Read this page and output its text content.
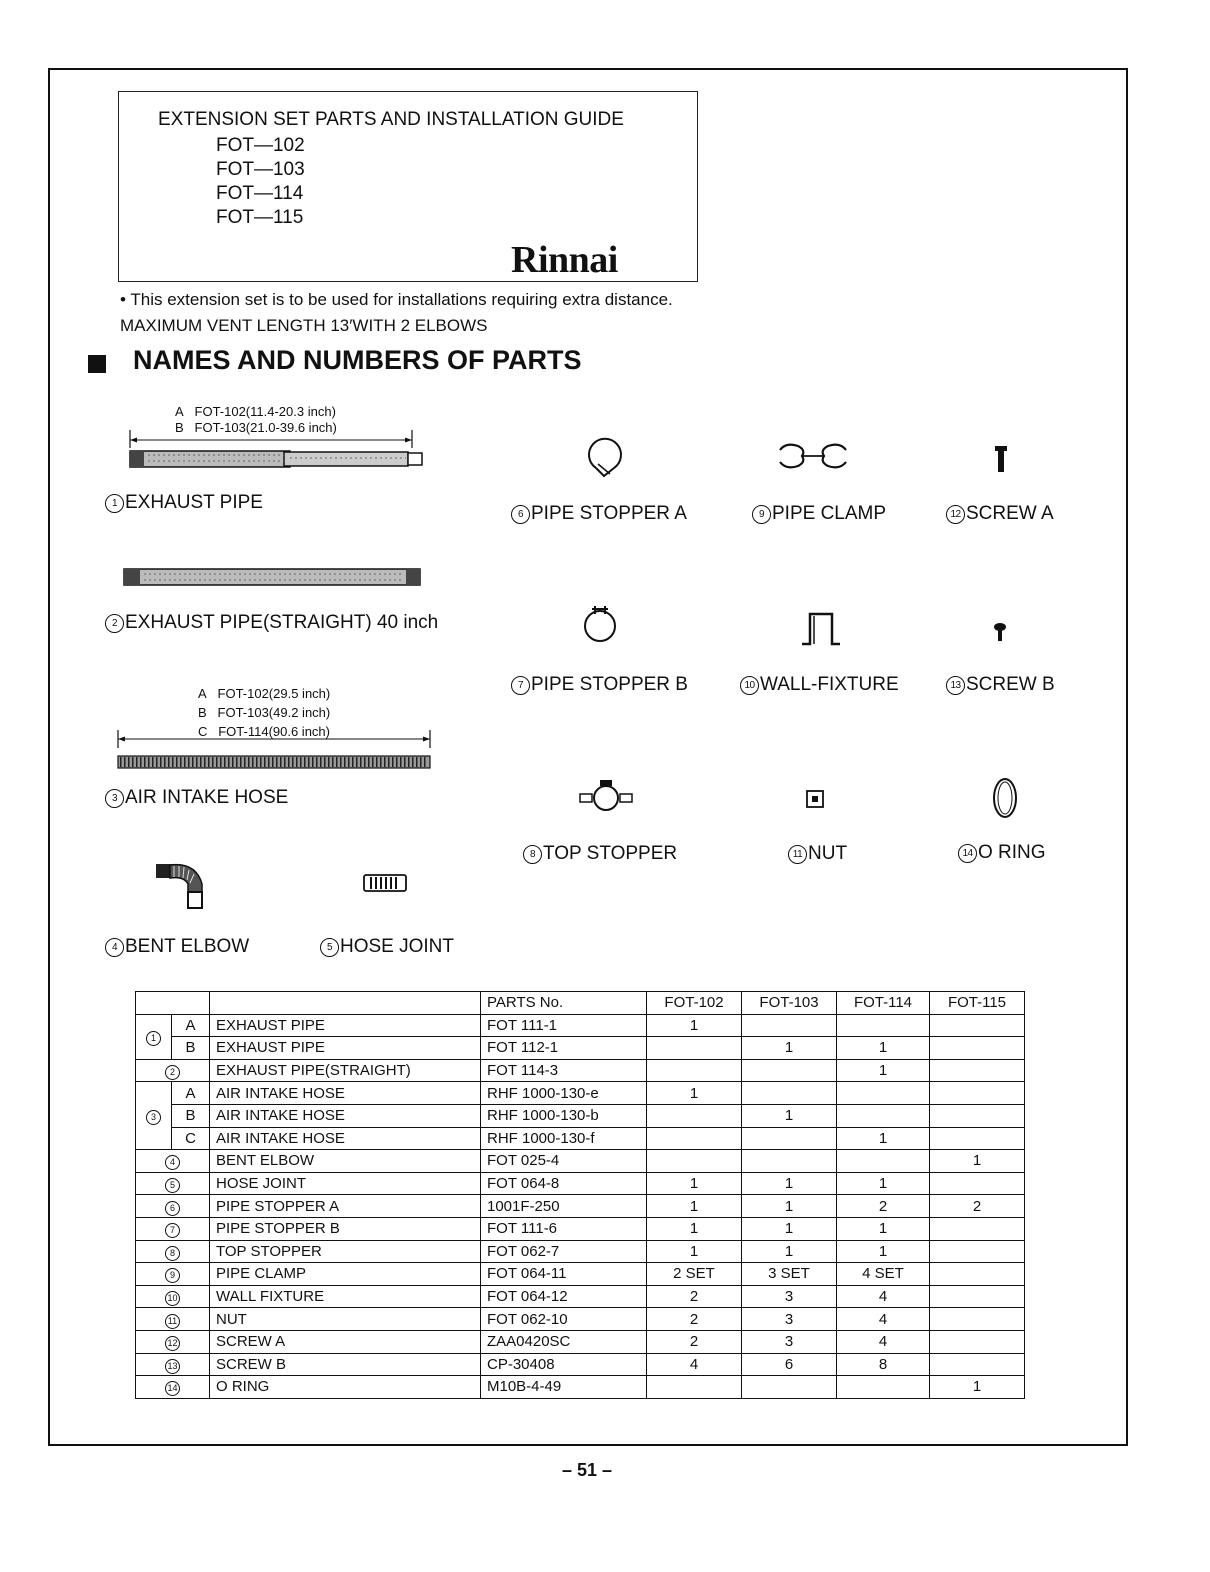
EXTENSION SET PARTS AND INSTALLATION GUIDE
FOT—102
FOT—103
FOT—114
FOT—115
Rinnai
• This extension set is to be used for installations requiring extra distance.
MAXIMUM VENT LENGTH 13′WITH 2 ELBOWS
NAMES AND NUMBERS OF PARTS
A FOT-102(11.4-20.3 inch)
B FOT-103(21.0-39.6 inch)
1 EXHAUST PIPE
2 EXHAUST PIPE(STRAIGHT) 40 inch
A FOT-102(29.5 inch)
B FOT-103(49.2 inch)
C FOT-114(90.6 inch)
3 AIR INTAKE HOSE
4 BENT ELBOW	5 HOSE JOINT
6 PIPE STOPPER A
7 PIPE STOPPER B
8 TOP STOPPER
9 PIPE CLAMP
10 WALL-FIXTURE
11 NUT
12 SCREW A
13 SCREW B
14 O RING
			PARTS No.	FOT-102	FOT-103	FOT-114	FOT-115
1	A	EXHAUST PIPE	FOT 111-1	1			
	B	EXHAUST PIPE	FOT 112-1		1	1	
2		EXHAUST PIPE(STRAIGHT)	FOT 114-3			1	
3	A	AIR INTAKE HOSE	RHF 1000-130-e	1			
	B	AIR INTAKE HOSE	RHF 1000-130-b		1		
	C	AIR INTAKE HOSE	RHF 1000-130-f			1	
4		BENT ELBOW	FOT 025-4				1
5		HOSE JOINT	FOT 064-8	1	1	1	
6		PIPE STOPPER A	1001F-250	1	1	2	2
7		PIPE STOPPER B	FOT 111-6	1	1	1	
8		TOP STOPPER	FOT 062-7	1	1	1	
9		PIPE CLAMP	FOT 064-11	2 SET	3 SET	4 SET	
10		WALL FIXTURE	FOT 064-12	2	3	4	
11		NUT	FOT 062-10	2	3	4	
12		SCREW A	ZAA0420SC	2	3	4	
13		SCREW B	CP-30408	4	6	8	
14		O RING	M10B-4-49				1
– 51 –
